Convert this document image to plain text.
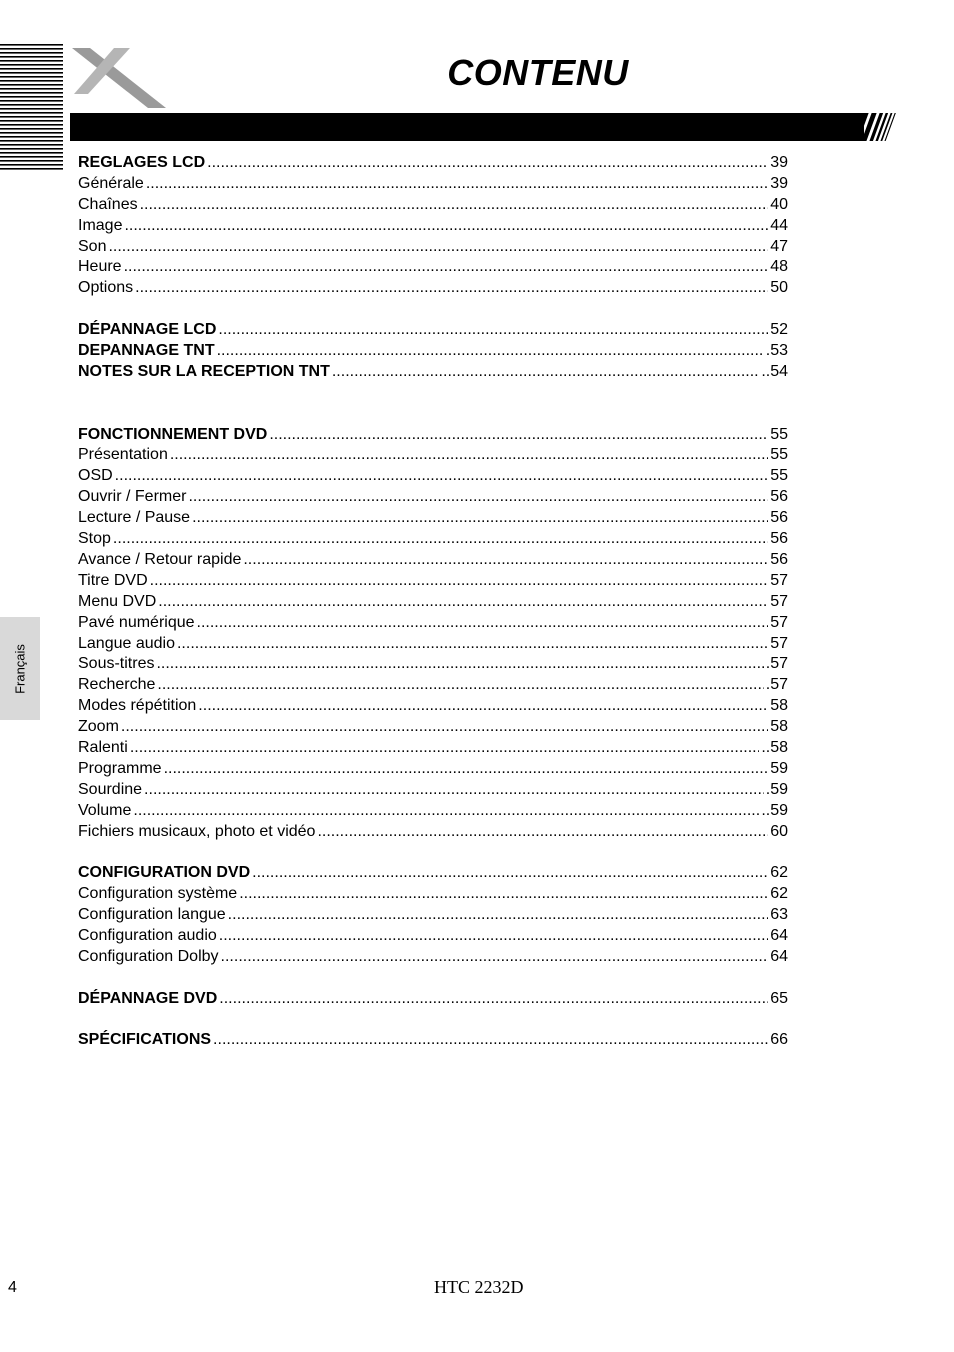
CONTENU
Français
REGLAGES LCD .....	39
Générale .....	39
Chaînes .....	40
Image .....	44
Son .....	47
Heure .....	48
Options .....	50
DÉPANNAGE LCD .....	52
DEPANNAGE TNT .....	.53
NOTES SUR LA RECEPTION TNT .....	..54
FONCTIONNEMENT DVD .....	55
Présentation .....	55
OSD .....	55
Ouvrir / Fermer .....	56
Lecture / Pause .....	56
Stop .....	56
Avance / Retour rapide .....	56
Titre DVD .....	57
Menu DVD .....	57
Pavé numérique .....	57
Langue audio .....	57
Sous-titres .....	.57
Recherche .....	.57
Modes répétition .....	58
Zoom .....	58
Ralenti .....	..58
Programme .....	59
Sourdine .....	.59
Volume .....	..59
Fichiers musicaux, photo et vidéo .....	60
CONFIGURATION DVD .....	62
Configuration système .....	62
Configuration langue .....	63
Configuration audio .....	64
Configuration Dolby .....	64
DÉPANNAGE DVD .....	65
SPÉCIFICATIONS .....	66
4	HTC 2232D
